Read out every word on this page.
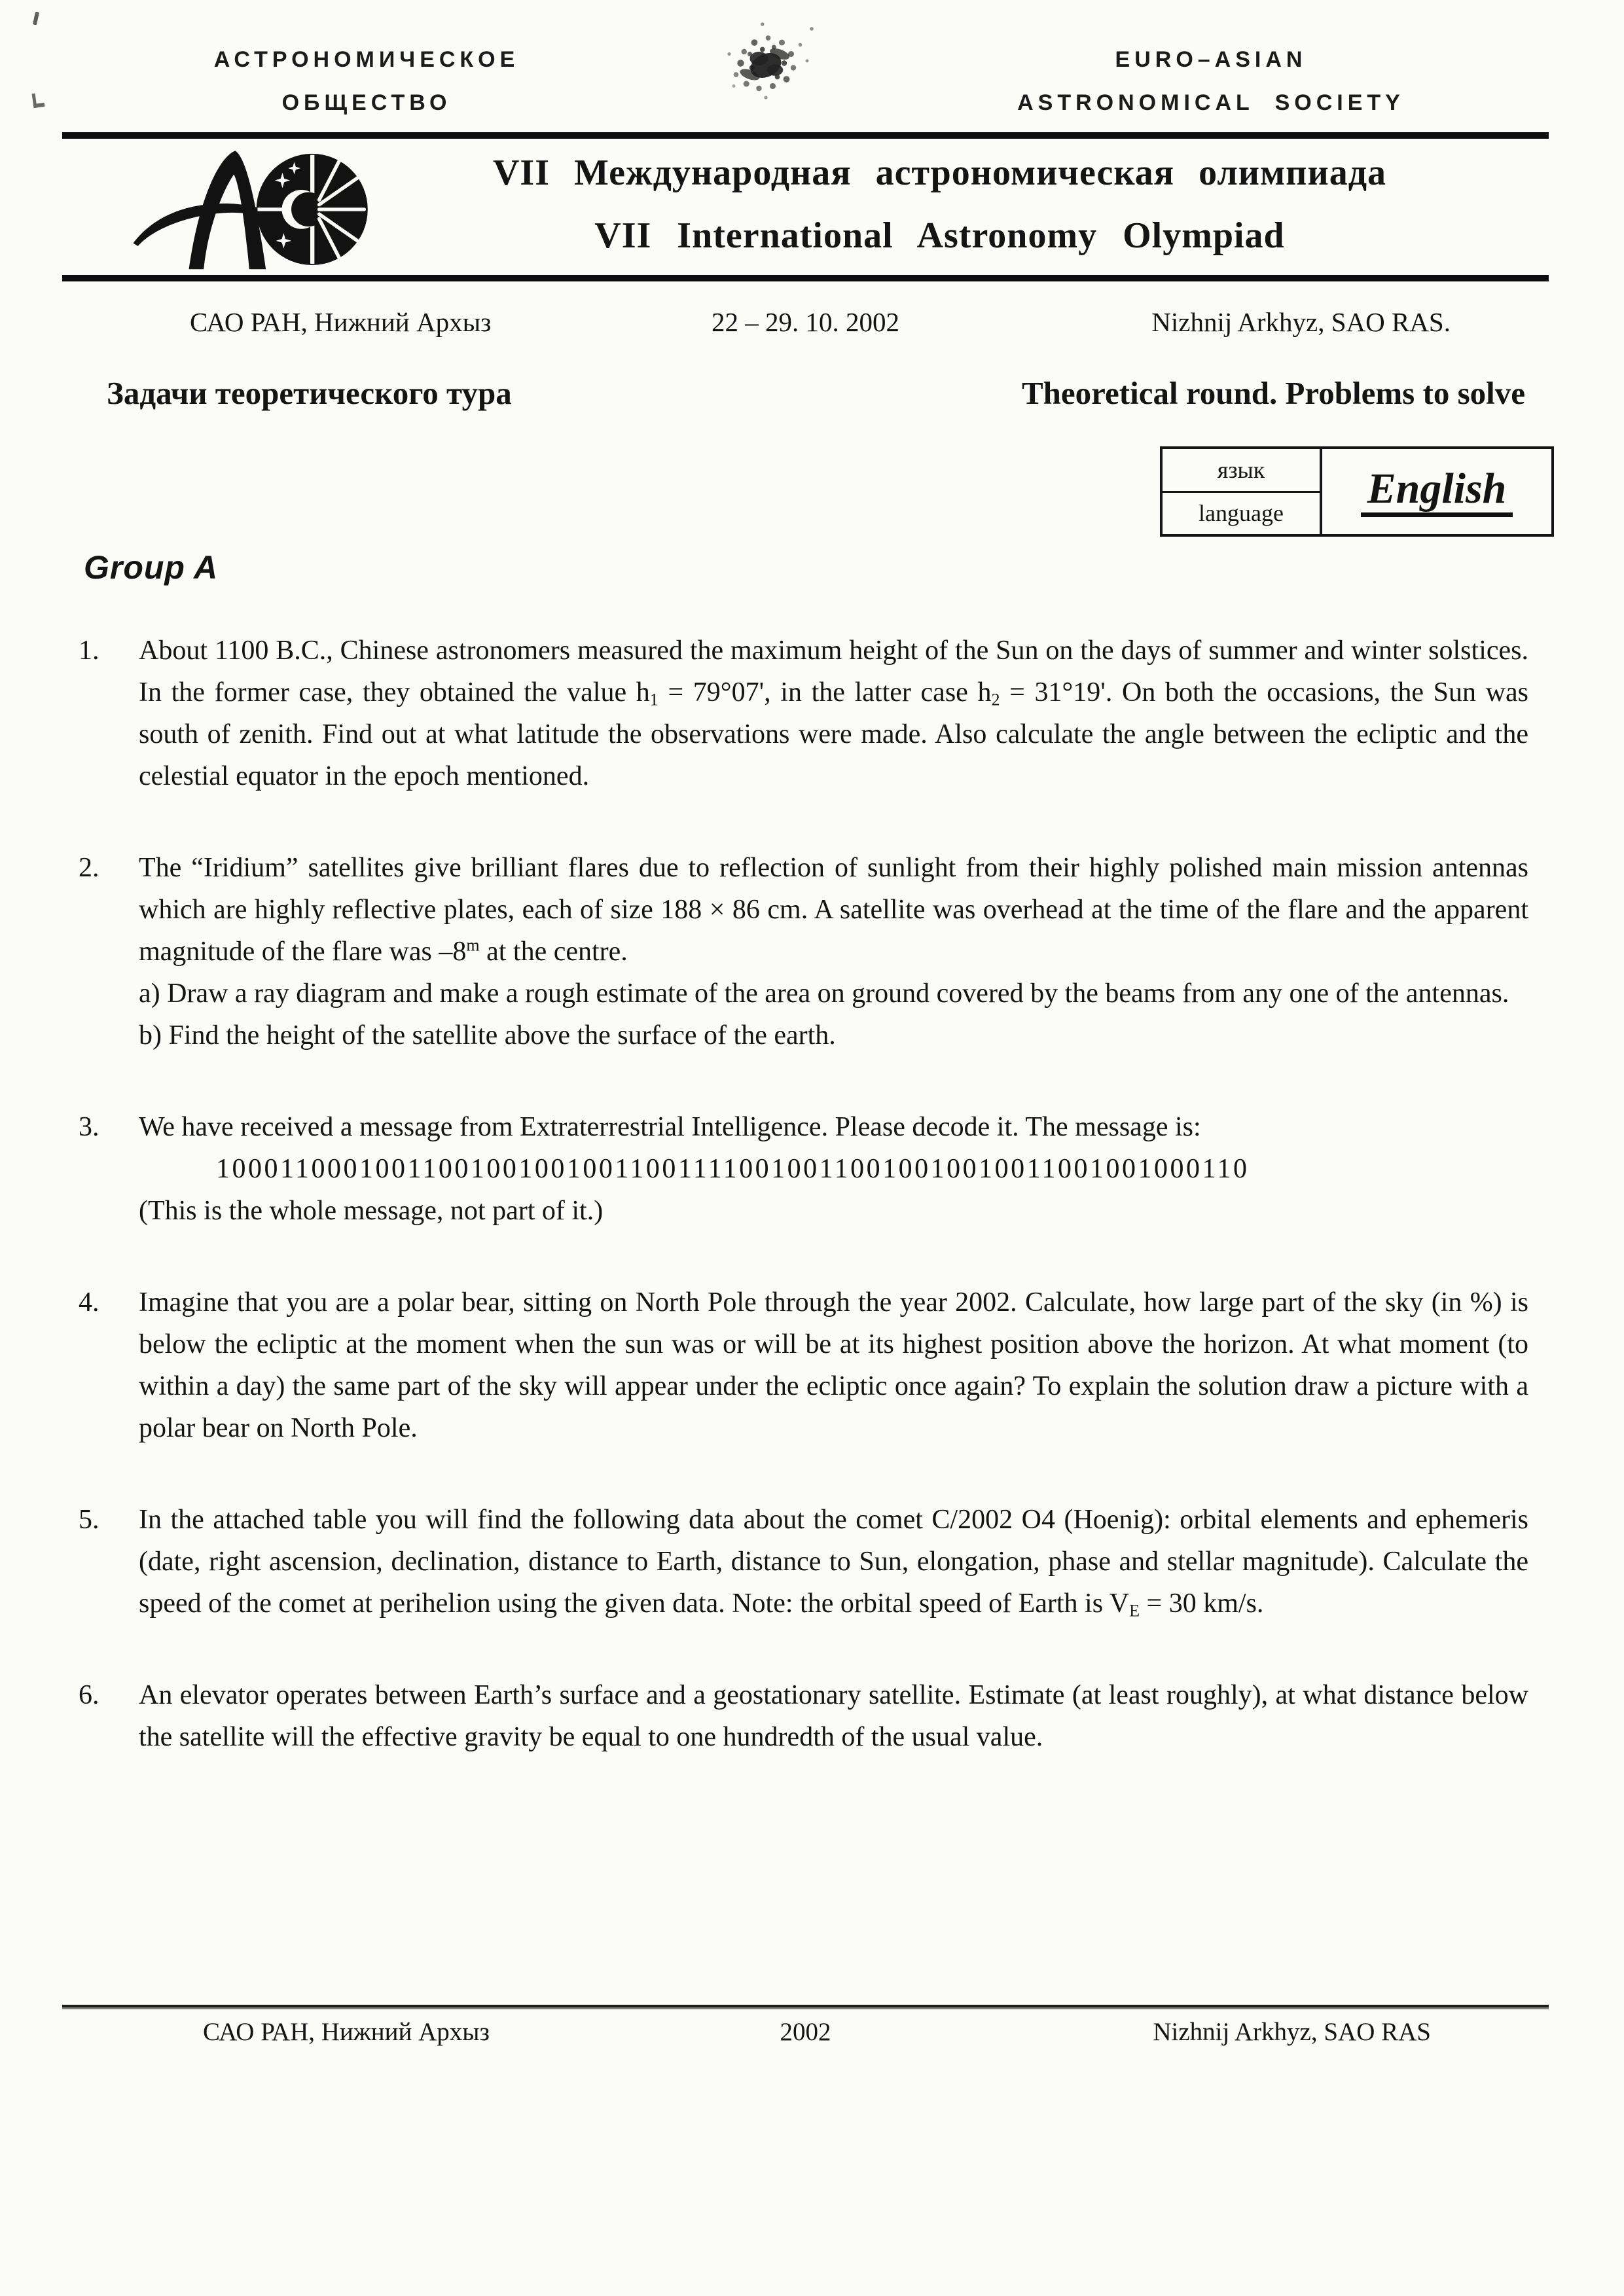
АСТРОНОМИЧЕСКОЕ
ОБЩЕСТВО
EURO–ASIAN
ASTRONOMICAL SOCIETY
VII Международная астрономическая олимпиада
VII International Astronomy Olympiad
22 – 29. 10. 2002
САО РАН, Нижний Архыз	Nizhnij Arkhyz, SAO RAS.
Задачи теоретического тура	Theoretical round. Problems to solve
язык
language
English
Group A
1.	About 1100 B.C., Chinese astronomers measured the maximum height of the Sun on the days of summer and winter solstices. In the former case, they obtained the value $h_1 = 79^\circ 07'$, in the latter case $h_2 = 31^\circ 19'$. On both the occasions, the Sun was south of zenith. Find out at what latitude the observations were made. Also calculate the angle between the ecliptic and the celestial equator in the epoch mentioned.
2.	The “Iridium” satellites give brilliant flares due to reflection of sunlight from their highly polished main mission antennas which are highly reflective plates, each of size 188 × 86 cm. A satellite was overhead at the time of the flare and the apparent magnitude of the flare was –8$^m$ at the centre.
a) Draw a ray diagram and make a rough estimate of the area on ground covered by the beams from any one of the antennas.
b) Find the height of the satellite above the surface of the earth.
3.	We have received a message from Extraterrestrial Intelligence. Please decode it. The message is:
10001100010011001001001001100111100100110010010010011001001000110
(This is the whole message, not part of it.)
4.	Imagine that you are a polar bear, sitting on North Pole through the year 2002. Calculate, how large part of the sky (in %) is below the ecliptic at the moment when the sun was or will be at its highest position above the horizon. At what moment (to within a day) the same part of the sky will appear under the ecliptic once again? To explain the solution draw a picture with a polar bear on North Pole.
5.	In the attached table you will find the following data about the comet C/2002 O4 (Hoenig): orbital elements and ephemeris (date, right ascension, declination, distance to Earth, distance to Sun, elongation, phase and stellar magnitude). Calculate the speed of the comet at perihelion using the given data. Note: the orbital speed of Earth is $V_E = 30$ km/s.
6.	An elevator operates between Earth’s surface and a geostationary satellite. Estimate (at least roughly), at what distance below the satellite will the effective gravity be equal to one hundredth of the usual value.
2002
САО РАН, Нижний Архыз	Nizhnij Arkhyz, SAO RAS
